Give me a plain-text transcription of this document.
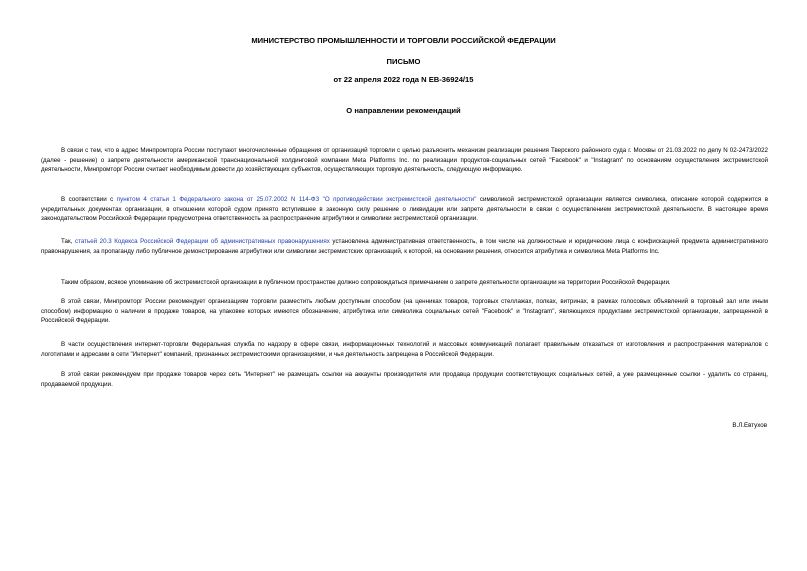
МИНИСТЕРСТВО ПРОМЫШЛЕННОСТИ И ТОРГОВЛИ РОССИЙСКОЙ ФЕДЕРАЦИИ
ПИСЬМО
от 22 апреля 2022 года N ЕВ-36924/15
О направлении рекомендаций

В связи с тем, что в адрес Минпромторга России поступают многочисленные обращения от организаций торговли с целью разъяснить механизм реализации решения Тверского районного суда г. Москвы от 21.03.2022 по делу N 02-2473/2022 (далее - решение) о запрете деятельности американской транснациональной холдинговой компании Meta Platforms Inc. по реализации продуктов-социальных сетей "Facebook" и "Instagram" по основаниям осуществления экстремистской деятельности, Минпромторг России считает необходимым довести до хозяйствующих субъектов, осуществляющих торговую деятельность, следующую информацию.

В соответствии с пунктом 4 статьи 1 Федерального закона от 25.07.2002 N 114-ФЗ "О противодействии экстремистской деятельности" символикой экстремистской организации является символика, описание которой содержится в учредительных документах организации, в отношении которой судом принято вступившее в законную силу решение о ликвидации или запрете деятельности в связи с осуществлением экстремистской деятельности. В настоящее время законодательством Российской Федерации предусмотрена ответственность за распространение атрибутики и символики экстремистской организации.

Так, статьей 20.3 Кодекса Российской Федерации об административных правонарушениях установлена административная ответственность, в том числе на должностные и юридические лица с конфискацией предмета административного правонарушения, за пропаганду либо публичное демонстрирование атрибутики или символики экстремистских организаций, к которой, на основании решения, относится атрибутика и символика Meta Platforms Inc.

Таким образом, всякое упоминание об экстремистской организации в публичном пространстве должно сопровождаться примечанием о запрете деятельности организации на территории Российской Федерации.

В этой связи, Минпромторг России рекомендует организациям торговли разместить любым доступным способом (на ценниках товаров, торговых стеллажах, полках, витринах, в рамках голосовых объявлений в торговый зал или иным способом) информацию о наличии в продаже товаров, на упаковке которых имеются обозначение, атрибутика или символика социальных сетей "Facebook" и "Instagram", являющихся продуктами экстремистской организации, запрещенной в Российской Федерации.

В части осуществления интернет-торговли Федеральная служба по надзору в сфере связи, информационных технологий и массовых коммуникаций полагает правильным отказаться от изготовления и распространения материалов с логотипами и адресами в сети "Интернет" компаний, признанных экстремистскими организациями, и чья деятельность запрещена в Российской Федерации.

В этой связи рекомендуем при продаже товаров через сеть "Интернет" не размещать ссылки на аккаунты производителя или продавца продукции соответствующих социальных сетей, а уже размещенные ссылки - удалить со страниц, продаваемой продукции.

В.Л.Евтухов
